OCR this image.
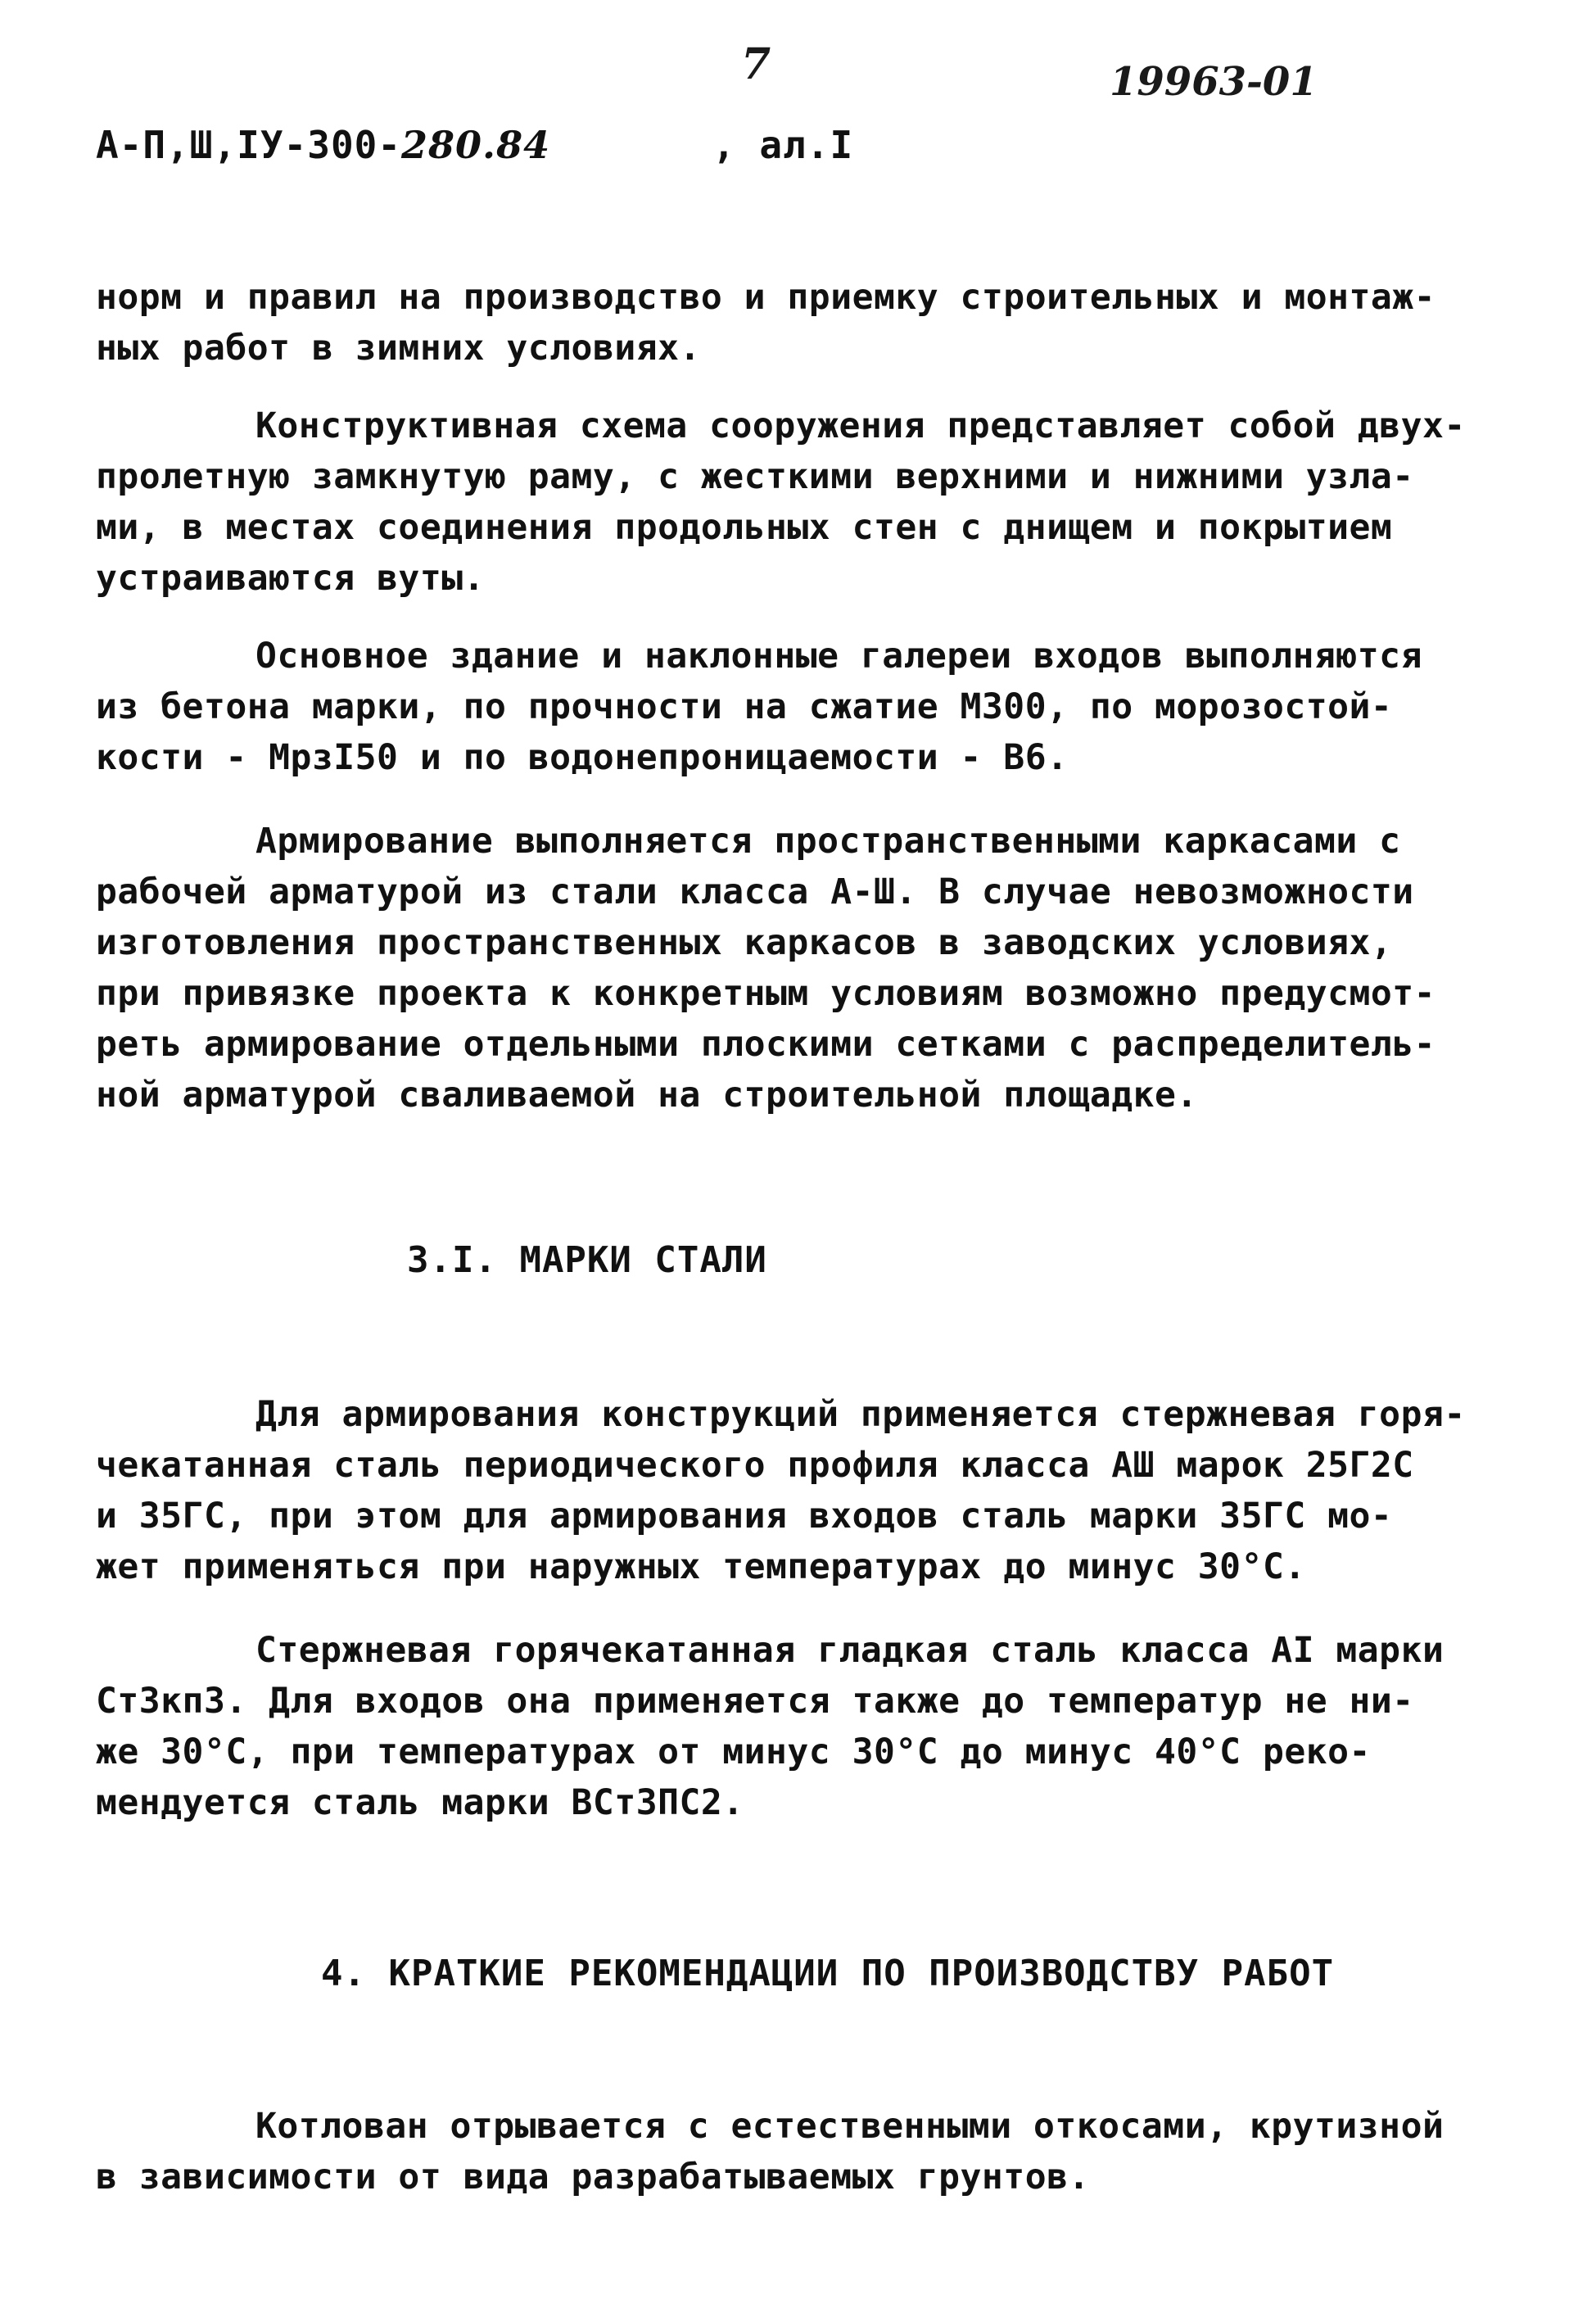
7	19963-01
А-П,Ш,IУ-300-280.84	, ал.I
норм и правил на производство и приемку строительных и монтаж-
ных работ в зимних условиях.
Конструктивная схема сооружения представляет собой двух-
пролетную замкнутую раму, с жесткими верхними и нижними узла-
ми, в местах соединения продольных стен с днищем и покрытием
устраиваются вуты.
Основное здание и наклонные галереи входов выполняются
из бетона марки, по прочности на сжатие М300, по морозостой-
кости - МрзI50 и по водонепроницаемости - В6.
Армирование выполняется пространственными каркасами с
рабочей арматурой из стали класса А-Ш. В случае невозможности
изготовления пространственных каркасов в заводских условиях,
при привязке проекта к конкретным условиям возможно предусмот-
реть армирование отдельными плоскими сетками с распределитель-
ной арматурой сваливаемой на строительной площадке.
3.I. МАРКИ СТАЛИ
Для армирования конструкций применяется стержневая горя-
чекатанная сталь периодического профиля класса АШ марок 25Г2С
и 35ГС, при этом для армирования входов сталь марки 35ГС мо-
жет применяться при наружных температурах до минус 30°С.
Стержневая горячекатанная гладкая сталь класса АI марки
Ст3кп3. Для входов она применяется также до температур не ни-
же 30°С, при температурах от минус 30°С до минус 40°С реко-
мендуется сталь марки ВСт3ПС2.
4. КРАТКИЕ РЕКОМЕНДАЦИИ ПО ПРОИЗВОДСТВУ РАБОТ
Котлован отрывается с естественными откосами, крутизной
в зависимости от вида разрабатываемых грунтов.
